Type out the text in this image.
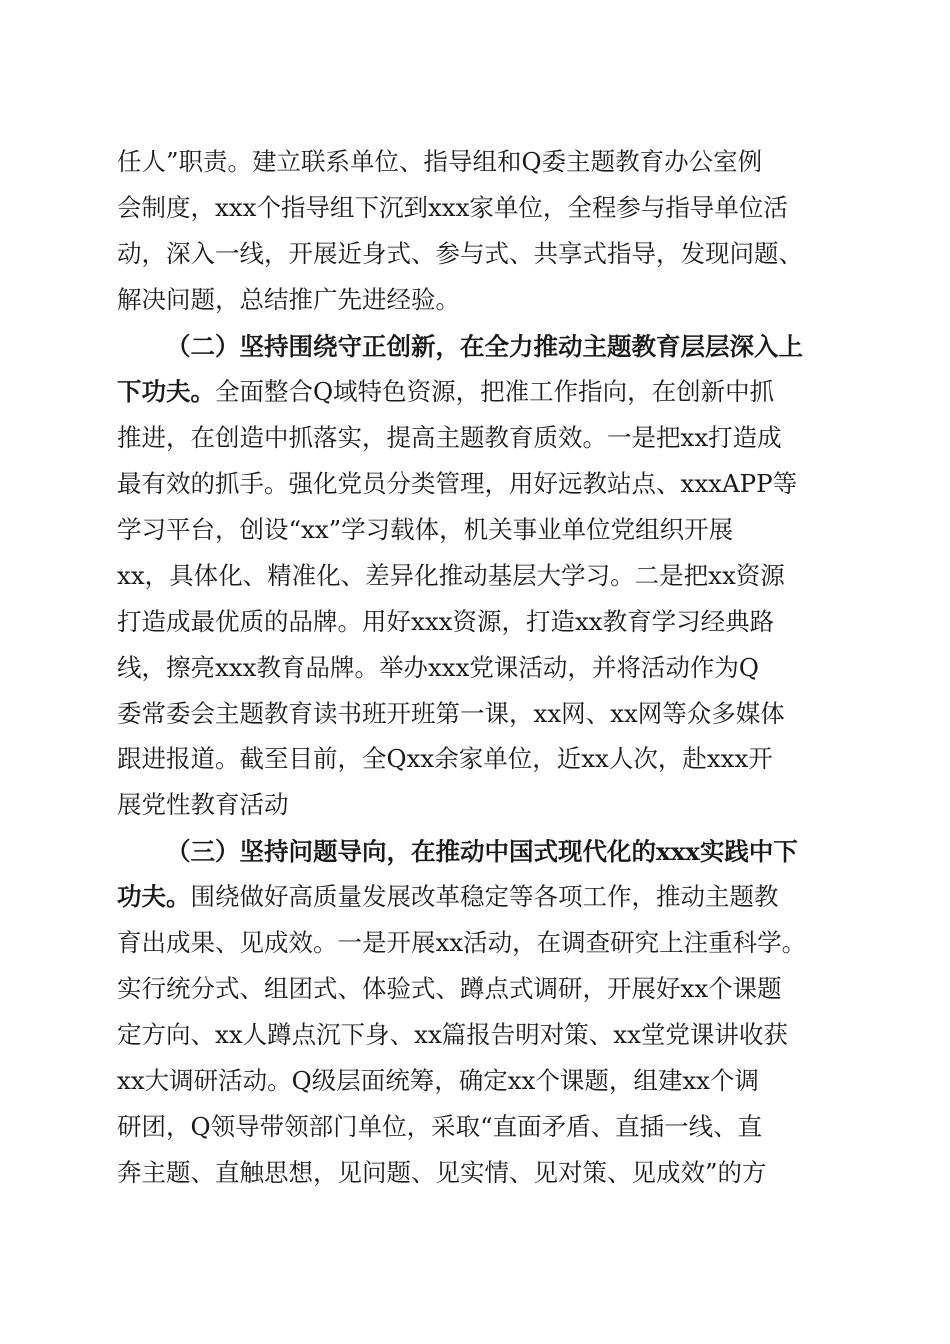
任人”职责。建立联系单位、指导组和Q委主题教育办公室例
会制度，xxx个指导组下沉到xxx家单位，全程参与指导单位活
动，深入一线，开展近身式、参与式、共享式指导，发现问题、
解决问题，总结推广先进经验。
（二）坚持围绕守正创新，在全力推动主题教育层层深入上
下功夫。全面整合Q域特色资源，把准工作指向，在创新中抓
推进，在创造中抓落实，提高主题教育质效。一是把xx打造成
最有效的抓手。强化党员分类管理，用好远教站点、xxxAPP等
学习平台，创设“xx”学习载体，机关事业单位党组织开展
xx，具体化、精准化、差异化推动基层大学习。二是把xx资源
打造成最优质的品牌。用好xxx资源，打造xx教育学习经典路
线，擦亮xxx教育品牌。举办xxx党课活动，并将活动作为Q
委常委会主题教育读书班开班第一课，xx网、xx网等众多媒体
跟进报道。截至目前，全Qxx余家单位，近xx人次，赴xxx开
展党性教育活动
（三）坚持问题导向，在推动中国式现代化的xxx实践中下
功夫。围绕做好高质量发展改革稳定等各项工作，推动主题教
育出成果、见成效。一是开展xx活动，在调查研究上注重科学。
实行统分式、组团式、体验式、蹲点式调研，开展好xx个课题
定方向、xx人蹲点沉下身、xx篇报告明对策、xx堂党课讲收获
xx大调研活动。Q级层面统筹，确定xx个课题，组建xx个调
研团，Q领导带领部门单位，采取“直面矛盾、直插一线、直
奔主题、直触思想，见问题、见实情、见对策、见成效”的方
